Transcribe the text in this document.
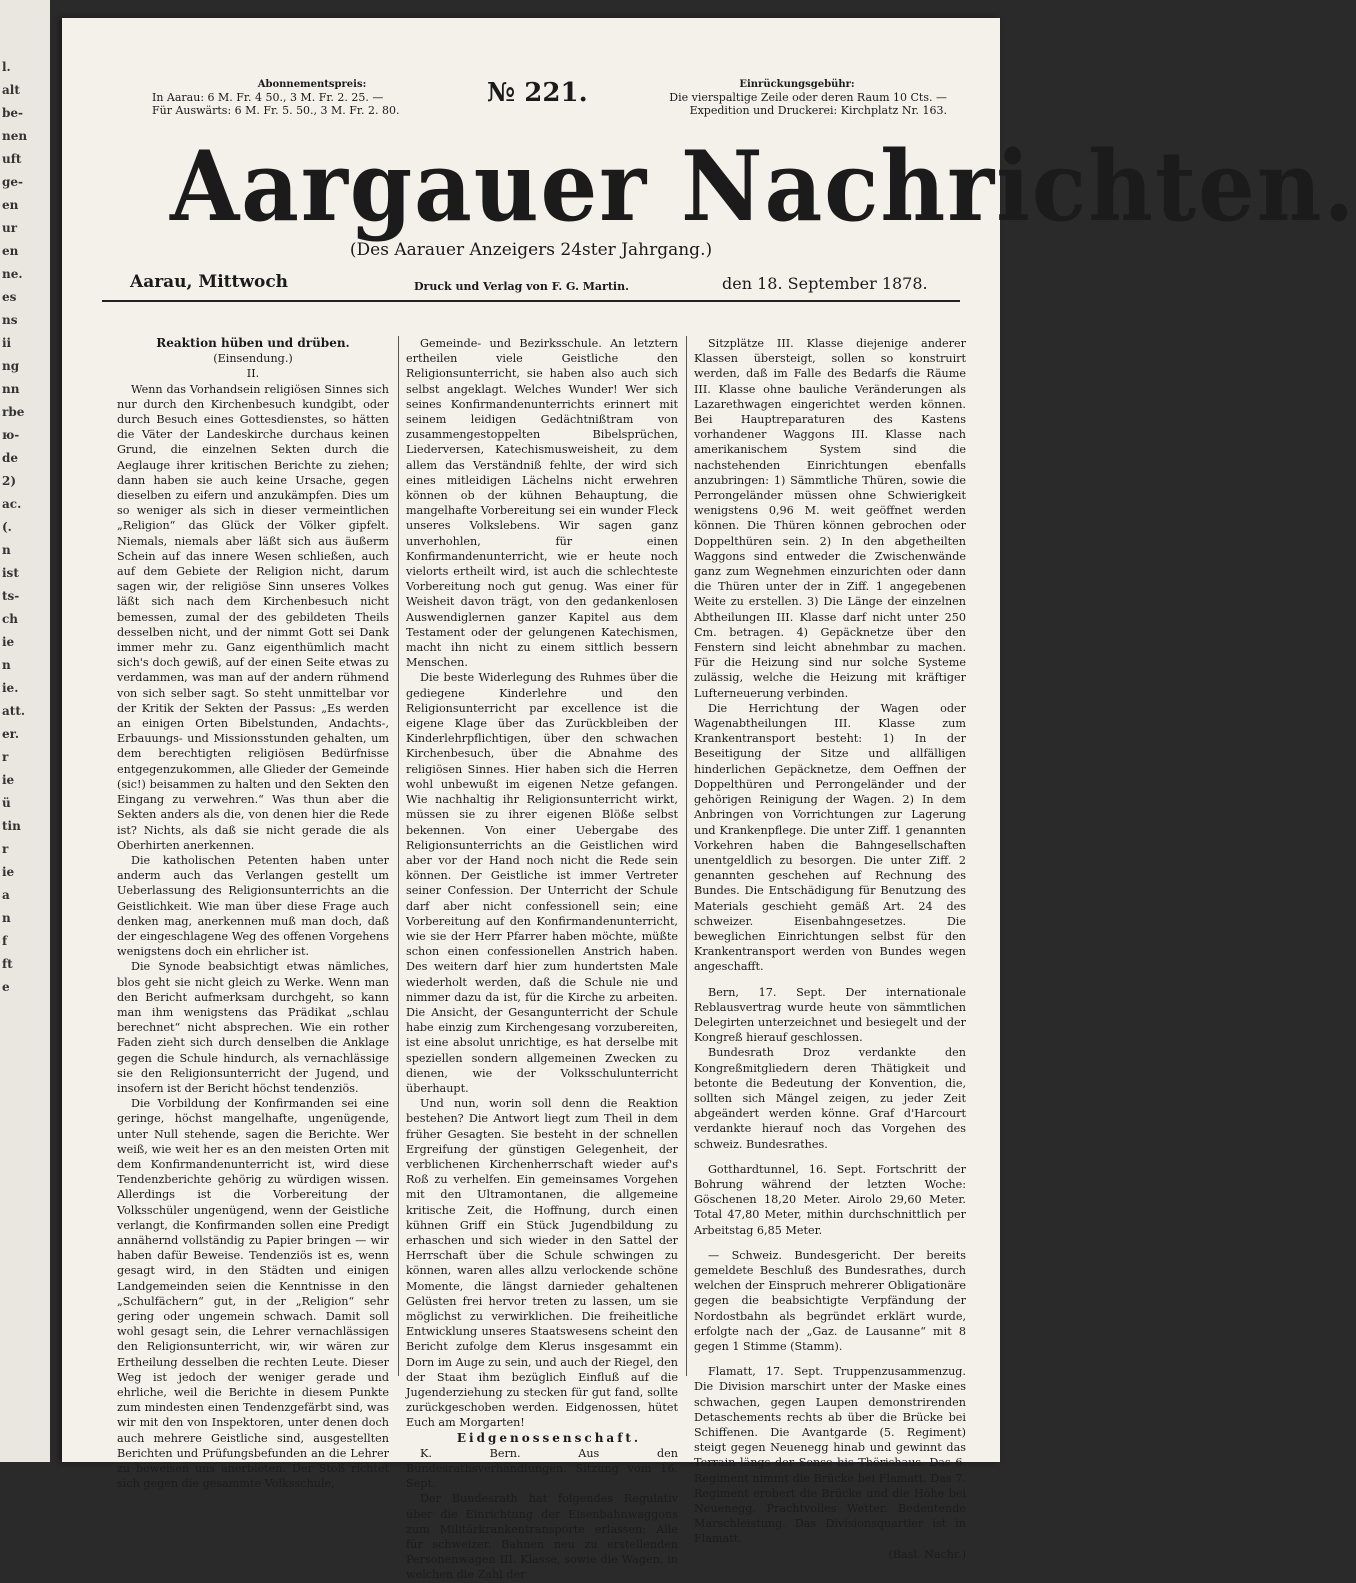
l.
alt
be-
nen
uft
ge-
en
ur
en
ne.
es
ns
ii
ng
nn
rbe
ю-
de
2)
ac.
(.
n
ist
ts-
ch
ie
n
ie.
att.
er.
r
ie
ü
tin
r
ie
a
n
f
ft
e
Abonnementspreis:
In Aarau: 6 M. Fr. 4 50., 3 M. Fr. 2. 25. —
Für Auswärts: 6 M. Fr. 5. 50., 3 M. Fr. 2. 80.
№ 221.	Einrückungsgebühr:
Die vierspaltige Zeile oder deren Raum 10 Cts. —
Expedition und Druckerei: Kirchplatz Nr. 163.
Aargauer Nachrichten.
(Des Aarauer Anzeigers 24ster Jahrgang.)
Aarau, Mittwoch	Druck und Verlag von F. G. Martin.	den 18. September 1878.

Reaktion hüben und drüben.

(Einsendung.)

II.

Wenn das Vorhandsein religiösen Sinnes sich nur durch den Kirchenbesuch kundgibt, oder durch Besuch eines Gottesdienstes, so hätten die Väter der Landeskirche durchaus keinen Grund, die einzelnen Sekten durch die Aeglauge ihrer kritischen Berichte zu ziehen; dann haben sie auch keine Ursache, gegen dieselben zu eifern und anzukämpfen. Dies um so weniger als sich in dieser vermeintlichen „Religion“ das Glück der Völker gipfelt. Niemals, niemals aber läßt sich aus äußerm Schein auf das innere Wesen schließen, auch auf dem Gebiete der Religion nicht, darum sagen wir, der religiöse Sinn unseres Volkes läßt sich nach dem Kirchenbesuch nicht bemessen, zumal der des gebildeten Theils desselben nicht, und der nimmt Gott sei Dank immer mehr zu. Ganz eigenthümlich macht sich's doch gewiß, auf der einen Seite etwas zu verdammen, was man auf der andern rühmend von sich selber sagt. So steht unmittelbar vor der Kritik der Sekten der Passus: „Es werden an einigen Orten Bibelstunden, Andachts-, Erbauungs- und Missionsstunden gehalten, um dem berechtigten religiösen Bedürfnisse entgegenzukommen, alle Glieder der Gemeinde (sic!) beisammen zu halten und den Sekten den Eingang zu verwehren.“ Was thun aber die Sekten anders als die, von denen hier die Rede ist? Nichts, als daß sie nicht gerade die als Oberhirten anerkennen.

Die katholischen Petenten haben unter anderm auch das Verlangen gestellt um Ueberlassung des Religionsunterrichts an die Geistlichkeit. Wie man über diese Frage auch denken mag, anerkennen muß man doch, daß der eingeschlagene Weg des offenen Vorgehens wenigstens doch ein ehrlicher ist.

Die Synode beabsichtigt etwas nämliches, blos geht sie nicht gleich zu Werke. Wenn man den Bericht aufmerksam durchgeht, so kann man ihm wenigstens das Prädikat „schlau berechnet“ nicht absprechen. Wie ein rother Faden zieht sich durch denselben die Anklage gegen die Schule hindurch, als vernachlässige sie den Religionsunterricht der Jugend, und insofern ist der Bericht höchst tendenziös.

Die Vorbildung der Konfirmanden sei eine geringe, höchst mangelhafte, ungenügende, unter Null stehende, sagen die Berichte. Wer weiß, wie weit her es an den meisten Orten mit dem Konfirmandenunterricht ist, wird diese Tendenzberichte gehörig zu würdigen wissen. Allerdings ist die Vorbereitung der Volksschüler ungenügend, wenn der Geistliche verlangt, die Konfirmanden sollen eine Predigt annähernd vollständig zu Papier bringen — wir haben dafür Beweise. Tendenziös ist es, wenn gesagt wird, in den Städten und einigen Landgemeinden seien die Kenntnisse in den „Schulfächern“ gut, in der „Religion“ sehr gering oder ungemein schwach. Damit soll wohl gesagt sein, die Lehrer vernachlässigen den Religionsunterricht, wir, wir wären zur Ertheilung desselben die rechten Leute. Dieser Weg ist jedoch der weniger gerade und ehrliche, weil die Berichte in diesem Punkte zum mindesten einen Tendenzgefärbt sind, was wir mit den von Inspektoren, unter denen doch auch mehrere Geistliche sind, ausgestellten Berichten und Prüfungsbefunden an die Lehrer zu beweisen uns anerbieten. Der Stoß richtet sich gegen die gesammte Volksschule,

Gemeinde- und Bezirksschule. An letztern ertheilen viele Geistliche den Religionsunterricht, sie haben also auch sich selbst angeklagt. Welches Wunder! Wer sich seines Konfirmandenunterrichts erinnert mit seinem leidigen Gedächtnißtram von zusammengestoppelten Bibelsprüchen, Liederversen, Katechismusweisheit, zu dem allem das Verständniß fehlte, der wird sich eines mitleidigen Lächelns nicht erwehren können ob der kühnen Behauptung, die mangelhafte Vorbereitung sei ein wunder Fleck unseres Volkslebens. Wir sagen ganz unverhohlen, für einen Konfirmandenunterricht, wie er heute noch vielorts ertheilt wird, ist auch die schlechteste Vorbereitung noch gut genug. Was einer für Weisheit davon trägt, von den gedankenlosen Auswendiglernen ganzer Kapitel aus dem Testament oder der gelungenen Katechismen, macht ihn nicht zu einem sittlich bessern Menschen.

Die beste Widerlegung des Ruhmes über die gediegene Kinderlehre und den Religionsunterricht par excellence ist die eigene Klage über das Zurückbleiben der Kinderlehrpflichtigen, über den schwachen Kirchenbesuch, über die Abnahme des religiösen Sinnes. Hier haben sich die Herren wohl unbewußt im eigenen Netze gefangen. Wie nachhaltig ihr Religionsunterricht wirkt, müssen sie zu ihrer eigenen Blöße selbst bekennen. Von einer Uebergabe des Religionsunterrichts an die Geistlichen wird aber vor der Hand noch nicht die Rede sein können. Der Geistliche ist immer Vertreter seiner Confession. Der Unterricht der Schule darf aber nicht confessionell sein; eine Vorbereitung auf den Konfirmandenunterricht, wie sie der Herr Pfarrer haben möchte, müßte schon einen confessionellen Anstrich haben. Des weitern darf hier zum hundertsten Male wiederholt werden, daß die Schule nie und nimmer dazu da ist, für die Kirche zu arbeiten. Die Ansicht, der Gesangunterricht der Schule habe einzig zum Kirchengesang vorzubereiten, ist eine absolut unrichtige, es hat derselbe mit speziellen sondern allgemeinen Zwecken zu dienen, wie der Volksschulunterricht überhaupt.

Und nun, worin soll denn die Reaktion bestehen? Die Antwort liegt zum Theil in dem früher Gesagten. Sie besteht in der schnellen Ergreifung der günstigen Gelegenheit, der verblichenen Kirchenherrschaft wieder auf's Roß zu verhelfen. Ein gemeinsames Vorgehen mit den Ultramontanen, die allgemeine kritische Zeit, die Hoffnung, durch einen kühnen Griff ein Stück Jugendbildung zu erhaschen und sich wieder in den Sattel der Herrschaft über die Schule schwingen zu können, waren alles allzu verlockende schöne Momente, die längst darnieder gehaltenen Gelüsten frei hervor treten zu lassen, um sie möglichst zu verwirklichen. Die freiheitliche Entwicklung unseres Staatswesens scheint den Bericht zufolge dem Klerus insgesammt ein Dorn im Auge zu sein, und auch der Riegel, den der Staat ihm bezüglich Einfluß auf die Jugenderziehung zu stecken für gut fand, sollte zurückgeschoben werden. Eidgenossen, hütet Euch am Morgarten!

Eidgenossenschaft.

K. Bern. Aus den Bundesrathsverhandlungen. Sitzung vom 16. Sept.

Der Bundesrath hat folgendes Regulativ über die Einrichtung der Eisenbahnwaggons zum Militärkrankentransporte erlassen: Alle für schweizer. Bahnen neu zu erstellenden Personenwagen III. Klasse, sowie die Wagen, in welchen die Zahl der

Sitzplätze III. Klasse diejenige anderer Klassen übersteigt, sollen so konstruirt werden, daß im Falle des Bedarfs die Räume III. Klasse ohne bauliche Veränderungen als Lazarethwagen eingerichtet werden können. Bei Hauptreparaturen des Kastens vorhandener Waggons III. Klasse nach amerikanischem System sind die nachstehenden Einrichtungen ebenfalls anzubringen: 1) Sämmtliche Thüren, sowie die Perrongeländer müssen ohne Schwierigkeit wenigstens 0,96 M. weit geöffnet werden können. Die Thüren können gebrochen oder Doppelthüren sein. 2) In den abgetheilten Waggons sind entweder die Zwischenwände ganz zum Wegnehmen einzurichten oder dann die Thüren unter der in Ziff. 1 angegebenen Weite zu erstellen. 3) Die Länge der einzelnen Abtheilungen III. Klasse darf nicht unter 250 Cm. betragen. 4) Gepäcknetze über den Fenstern sind leicht abnehmbar zu machen. Für die Heizung sind nur solche Systeme zulässig, welche die Heizung mit kräftiger Lufterneuerung verbinden.

Die Herrichtung der Wagen oder Wagenabtheilungen III. Klasse zum Krankentransport besteht: 1) In der Beseitigung der Sitze und allfälligen hinderlichen Gepäcknetze, dem Oeffnen der Doppelthüren und Perrongeländer und der gehörigen Reinigung der Wagen. 2) In dem Anbringen von Vorrichtungen zur Lagerung und Krankenpflege. Die unter Ziff. 1 genannten Vorkehren haben die Bahngesellschaften unentgeldlich zu besorgen. Die unter Ziff. 2 genannten geschehen auf Rechnung des Bundes. Die Entschädigung für Benutzung des Materials geschieht gemäß Art. 24 des schweizer. Eisenbahngesetzes. Die beweglichen Einrichtungen selbst für den Krankentransport werden von Bundes wegen angeschafft.

Bern, 17. Sept. Der internationale Reblausvertrag wurde heute von sämmtlichen Delegirten unterzeichnet und besiegelt und der Kongreß hierauf geschlossen.

Bundesrath Droz verdankte den Kongreßmitgliedern deren Thätigkeit und betonte die Bedeutung der Konvention, die, sollten sich Mängel zeigen, zu jeder Zeit abgeändert werden könne. Graf d'Harcourt verdankte hierauf noch das Vorgehen des schweiz. Bundesrathes.

Gotthardtunnel, 16. Sept. Fortschritt der Bohrung während der letzten Woche: Göschenen 18,20 Meter. Airolo 29,60 Meter. Total 47,80 Meter, mithin durchschnittlich per Arbeitstag 6,85 Meter.

— Schweiz. Bundesgericht. Der bereits gemeldete Beschluß des Bundesrathes, durch welchen der Einspruch mehrerer Obligationäre gegen die beabsichtigte Verpfändung der Nordostbahn als begründet erklärt wurde, erfolgte nach der „Gaz. de Lausanne“ mit 8 gegen 1 Stimme (Stamm).

Flamatt, 17. Sept. Truppenzusammenzug. Die Division marschirt unter der Maske eines schwachen, gegen Laupen demonstrirenden Detaschements rechts ab über die Brücke bei Schiffenen. Die Avantgarde (5. Regiment) steigt gegen Neuenegg hinab und gewinnt das Terrain längs der Sense bis Thörishaus. Das 6. Regiment nimmt die Brücke bei Flamatt. Das 7. Regiment erobert die Brücke und die Höhe bei Neuenegg. Prachtvolles Wetter. Bedeutende Marschleistung. Das Divisionsquartier ist in Flamatt.

(Basl. Nachr.)
